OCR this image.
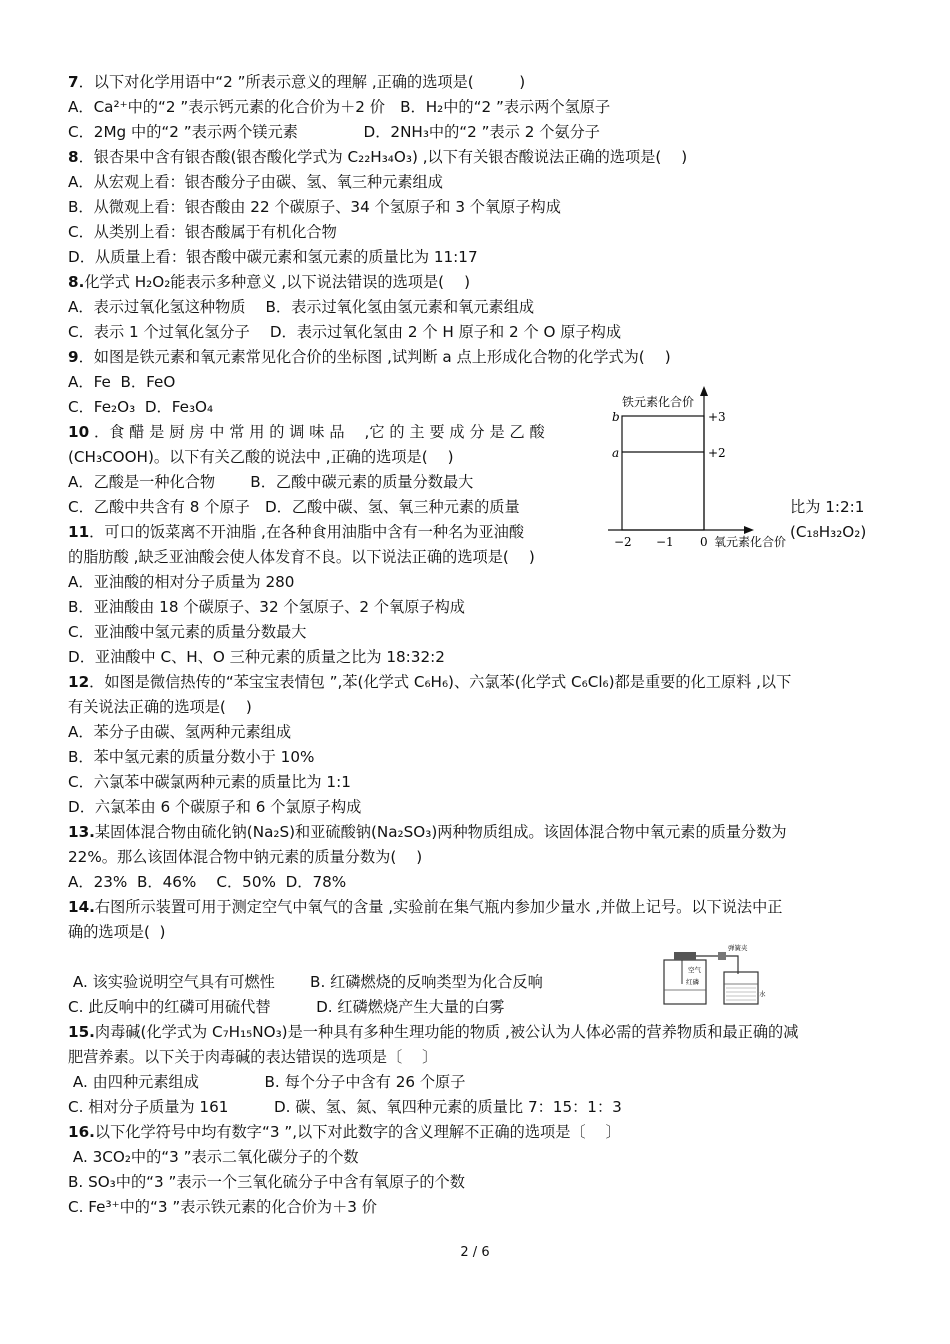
7．以下对化学用语中“2 ”所表示意义的理解 ,正确的选项是(　　　)
A．Ca²⁺中的“2 ”表示钙元素的化合价为＋2 价　B．H₂中的“2 ”表示两个氢原子
C．2Mg 中的“2 ”表示两个镁元素　　　　 D．2NH₃中的“2 ”表示 2 个氨分子
8．银杏果中含有银杏酸(银杏酸化学式为 C₂₂H₃₄O₃) ,以下有关银杏酸说法正确的选项是(　 )
A．从宏观上看：银杏酸分子由碳、氢、氧三种元素组成
B．从微观上看：银杏酸由 22 个碳原子、34 个氢原子和 3 个氧原子构成
C．从类别上看：银杏酸属于有机化合物
D．从质量上看：银杏酸中碳元素和氢元素的质量比为 11:17
8.化学式 H₂O₂能表示多种意义 ,以下说法错误的选项是(　 )
A．表示过氧化氢这种物质　 B．表示过氧化氢由氢元素和氧元素组成
C．表示 1 个过氧化氢分子　 D．表示过氧化氢由 2 个 H 原子和 2 个 O 原子构成
9．如图是铁元素和氧元素常见化合价的坐标图 ,试判断 a 点上形成化合物的化学式为(　 )
A．Fe  B．FeO
C．Fe₂O₃  D．Fe₃O₄
10 ．食 醋 是 厨 房 中 常 用 的 调 味 品　 ,它 的 主 要 成 分 是 乙 酸
(CH₃COOH)。以下有关乙酸的说法中 ,正确的选项是(　 )
A．乙酸是一种化合物　　 B．乙酸中碳元素的质量分数最大
C．乙酸中共含有 8 个原子　D．乙酸中碳、氢、氧三种元素的质量	比为 1:2:1
11．可口的饭菜离不开油脂 ,在各种食用油脂中含有一种名为亚油酸	(C₁₈H₃₂O₂)
的脂肪酸 ,缺乏亚油酸会使人体发育不良。以下说法正确的选项是(　 )
A．亚油酸的相对分子质量为 280
B．亚油酸由 18 个碳原子、32 个氢原子、2 个氧原子构成
C．亚油酸中氢元素的质量分数最大
D．亚油酸中 C、H、O 三种元素的质量之比为 18:32:2
12．如图是微信热传的“苯宝宝表情包 ”,苯(化学式 C₆H₆)、六氯苯(化学式 C₆Cl₆)都是重要的化工原料 ,以下
有关说法正确的选项是(　 )
A．苯分子由碳、氢两种元素组成
B．苯中氢元素的质量分数小于 10%
C．六氯苯中碳氯两种元素的质量比为 1:1
D．六氯苯由 6 个碳原子和 6 个氯原子构成
13.某固体混合物由硫化钠(Na₂S)和亚硫酸钠(Na₂SO₃)两种物质组成。该固体混合物中氧元素的质量分数为
22%。那么该固体混合物中钠元素的质量分数为(　 )
A．23%  B．46%　 C．50%  D．78%
14.右图所示装置可用于测定空气中氧气的含量 ,实验前在集气瓶内参加少量水 ,并做上记号。以下说法中正
确的选项是(  )
A. 该实验说明空气具有可燃性　　 B. 红磷燃烧的反响类型为化合反响
C. 此反响中的红磷可用硫代替　　　D. 红磷燃烧产生大量的白雾
15.肉毒碱(化学式为 C₇H₁₅NO₃)是一种具有多种生理功能的物质 ,被公认为人体必需的营养物质和最正确的减
肥营养素。以下关于肉毒碱的表达错误的选项是〔　 〕
A. 由四种元素组成　　　　 B. 每个分子中含有 26 个原子
C. 相对分子质量为 161　　　D. 碳、氢、氮、氧四种元素的质量比 7：15：1：3
16.以下化学符号中均有数字“3 ”,以下对此数字的含义理解不正确的选项是〔　 〕
A. 3CO₂中的“3 ”表示二氧化碳分子的个数
B. SO₃中的“3 ”表示一个三氧化硫分子中含有氧原子的个数
C. Fe³⁺中的“3 ”表示铁元素的化合价为＋3 价
铁元素化合价
+3
+2
b
a
−2 −1 0 氧元素化合价
弹簧夹
空气
红磷
水
2 / 6
